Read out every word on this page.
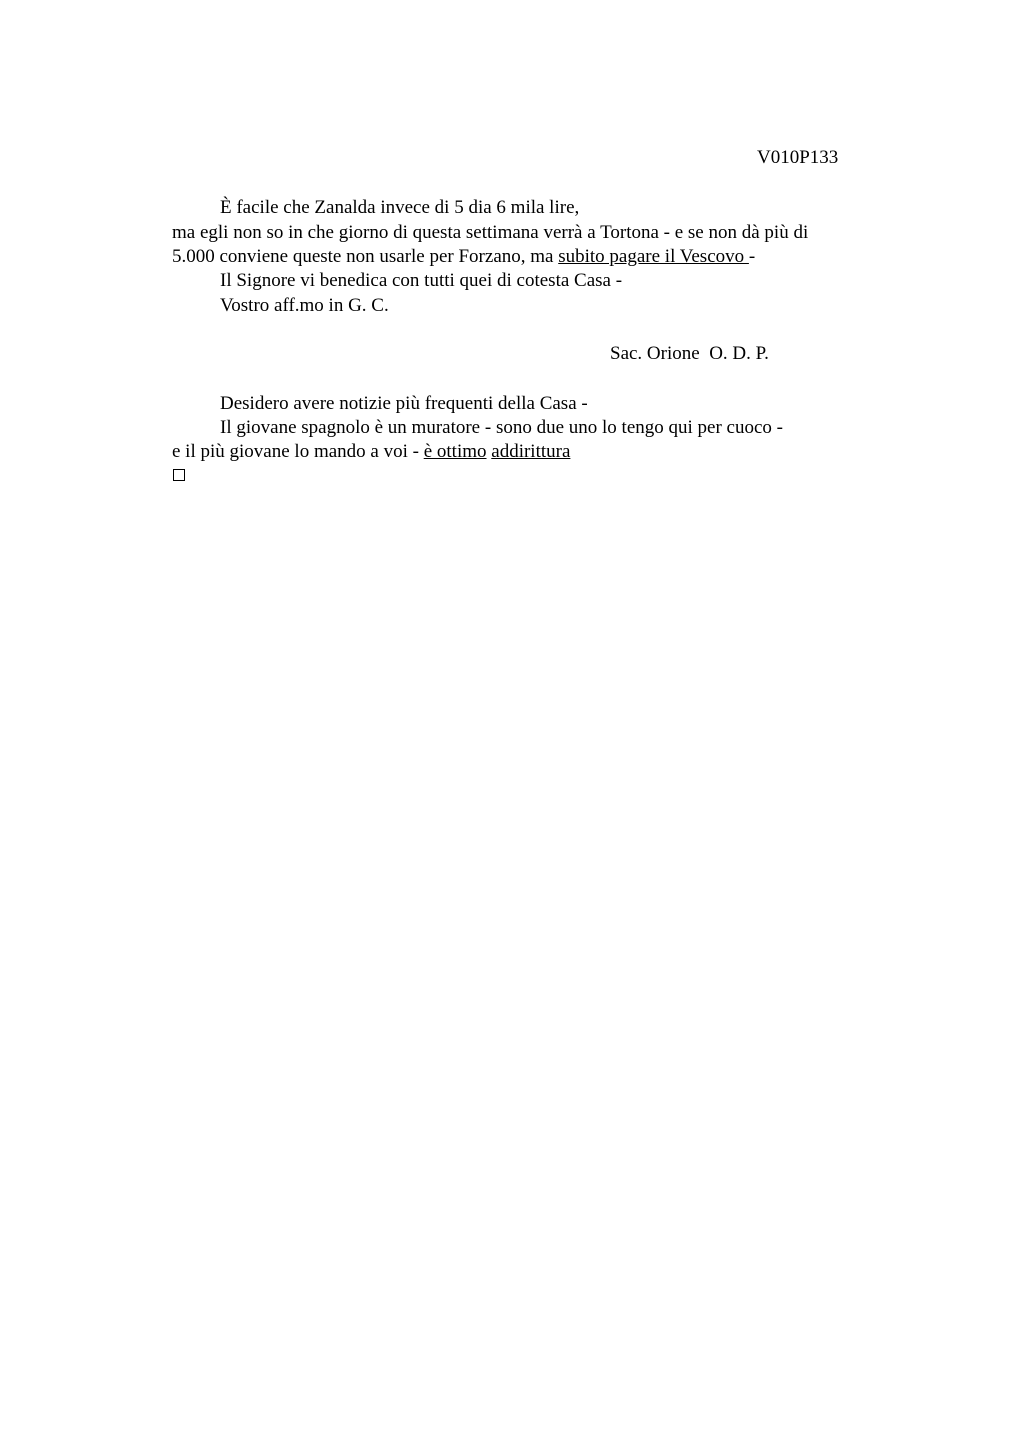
V010P133
È facile che Zanalda invece di 5 dia 6 mila lire,
ma egli non so in che giorno di questa settimana verrà a Tortona - e se non dà più di
5.000 conviene queste non usarle per Forzano, ma subito pagare il Vescovo -
Il Signore vi benedica con tutti quei di cotesta Casa -
Vostro aff.mo in G. C.
Sac. Orione  O. D. P.
Desidero avere notizie più frequenti della Casa -
Il giovane spagnolo è un muratore - sono due uno lo tengo qui per cuoco -
e il più giovane lo mando a voi - è ottimo addirittura
